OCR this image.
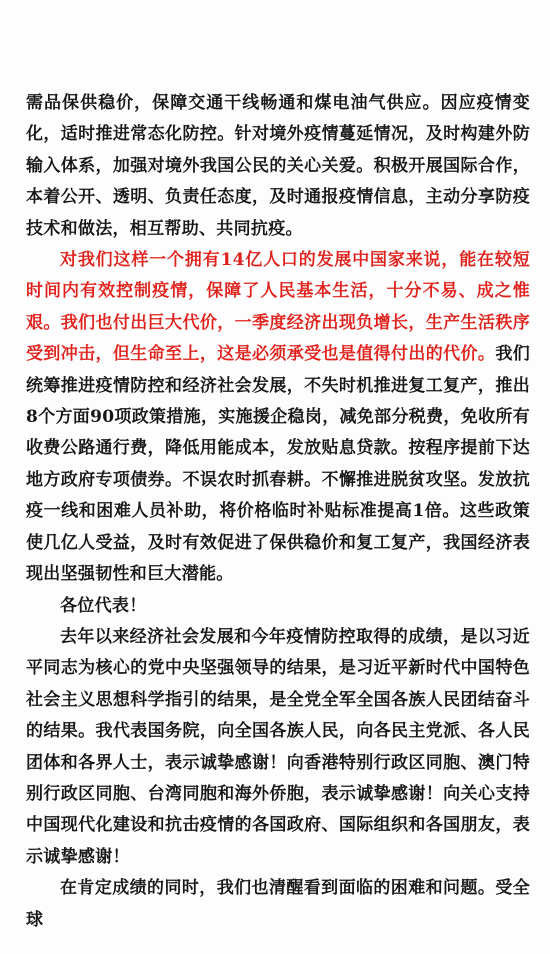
需品保供稳价，保障交通干线畅通和煤电油气供应。因应疫情变化，适时推进常态化防控。针对境外疫情蔓延情况，及时构建外防输入体系，加强对境外我国公民的关心关爱。积极开展国际合作，本着公开、透明、负责任态度，及时通报疫情信息，主动分享防疫技术和做法，相互帮助、共同抗疫。

对我们这样一个拥有14亿人口的发展中国家来说，能在较短时间内有效控制疫情，保障了人民基本生活，十分不易、成之惟艰。我们也付出巨大代价，一季度经济出现负增长，生产生活秩序受到冲击，但生命至上，这是必须承受也是值得付出的代价。我们统筹推进疫情防控和经济社会发展，不失时机推进复工复产，推出8个方面90项政策措施，实施援企稳岗，减免部分税费，免收所有收费公路通行费，降低用能成本，发放贴息贷款。按程序提前下达地方政府专项债券。不误农时抓春耕。不懈推进脱贫攻坚。发放抗疫一线和困难人员补助，将价格临时补贴标准提高1倍。这些政策使几亿人受益，及时有效促进了保供稳价和复工复产，我国经济表现出坚强韧性和巨大潜能。

各位代表！

去年以来经济社会发展和今年疫情防控取得的成绩，是以习近平同志为核心的党中央坚强领导的结果，是习近平新时代中国特色社会主义思想科学指引的结果，是全党全军全国各族人民团结奋斗的结果。我代表国务院，向全国各族人民，向各民主党派、各人民团体和各界人士，表示诚挚感谢！向香港特别行政区同胞、澳门特别行政区同胞、台湾同胞和海外侨胞，表示诚挚感谢！向关心支持中国现代化建设和抗击疫情的各国政府、国际组织和各国朋友，表示诚挚感谢！

在肯定成绩的同时，我们也清醒看到面临的困难和问题。受全球
